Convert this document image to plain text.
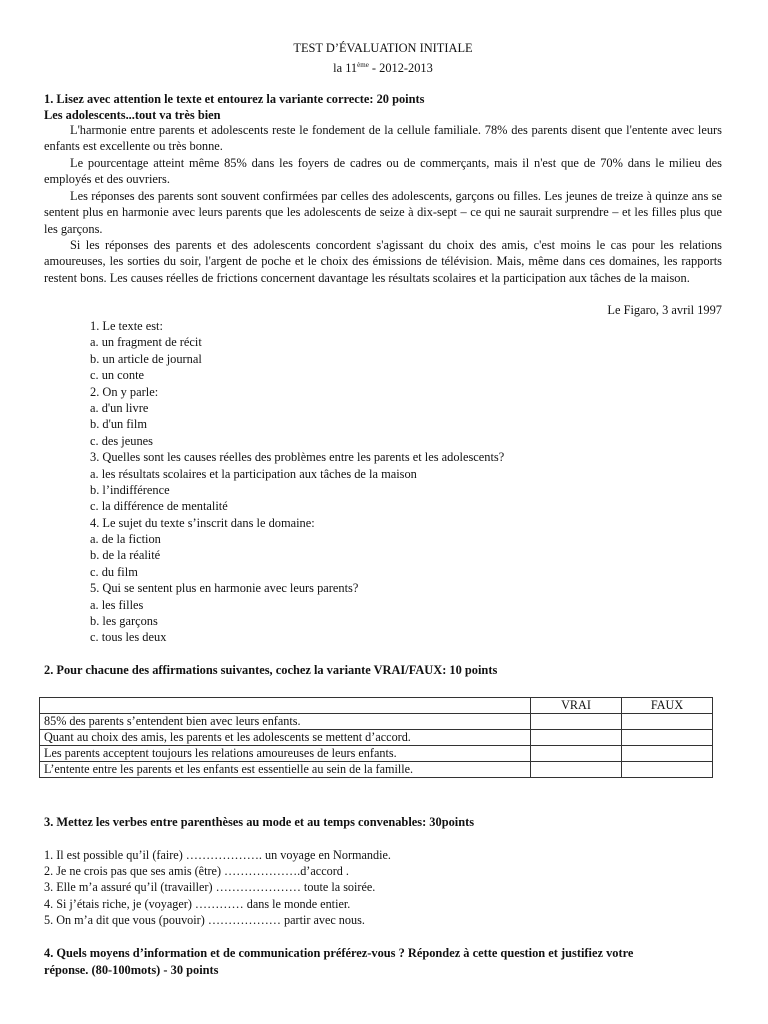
TEST D’ÉVALUATION INITIALE
la 11ème - 2012-2013
1. Lisez avec attention le texte et entourez la variante correcte: 20 points
Les adolescents...tout va très bien
L'harmonie entre parents et adolescents reste le fondement de la cellule familiale. 78% des parents disent que l'entente avec leurs enfants est excellente ou très bonne.
Le pourcentage atteint même 85% dans les foyers de cadres ou de commerçants, mais il n'est que de 70% dans le milieu des employés et des ouvriers.
Les réponses des parents sont souvent confirmées par celles des adolescents, garçons ou filles. Les jeunes de treize à quinze ans se sentent plus en harmonie avec leurs parents que les adolescents de seize à dix-sept – ce qui ne saurait surprendre – et les filles plus que les garçons.
Si les réponses des parents et des adolescents concordent s'agissant du choix des amis, c'est moins le cas pour les relations amoureuses, les sorties du soir, l'argent de poche et le choix des émissions de télévision. Mais, même dans ces domaines, les rapports restent bons. Les causes réelles de frictions concernent davantage les résultats scolaires et la participation aux tâches de la maison.
Le Figaro, 3 avril 1997
1. Le texte est:
a. un fragment de récit
b. un article de journal
c. un conte
2. On y parle:
a. d'un livre
b. d'un film
c. des jeunes
3. Quelles sont les causes réelles des problèmes entre les parents et les adolescents?
a. les résultats scolaires et la participation aux tâches de la maison
b. l’indifférence
c. la différence de mentalité
4. Le sujet du texte s’inscrit dans le domaine:
a. de la fiction
b. de la réalité
c. du film
5. Qui se sentent plus en harmonie avec leurs parents?
a. les filles
b. les garçons
c. tous les deux
2. Pour chacune des affirmations suivantes, cochez la variante VRAI/FAUX: 10 points
	VRAI	FAUX
85% des parents s’entendent bien avec leurs enfants.		
Quant au choix des amis, les parents et les adolescents se mettent d’accord.		
Les parents acceptent toujours les relations amoureuses de leurs enfants.		
L’entente entre les parents et les enfants est essentielle au sein de la famille.		
3. Mettez les verbes entre parenthèses au mode et au temps convenables: 30points
1. Il est possible qu’il (faire) ………………. un voyage en Normandie.
2. Je ne crois pas que ses amis (être) ……………….d’accord .
3. Elle m’a assuré qu’il (travailler) ………………… toute la soirée.
4. Si j’étais riche, je (voyager) ………… dans le monde entier.
5. On m’a dit que vous (pouvoir) ……………… partir avec nous.
4. Quels moyens d’information et de communication préférez-vous ? Répondez à cette question et justifiez votre
réponse. (80-100mots) - 30 points
